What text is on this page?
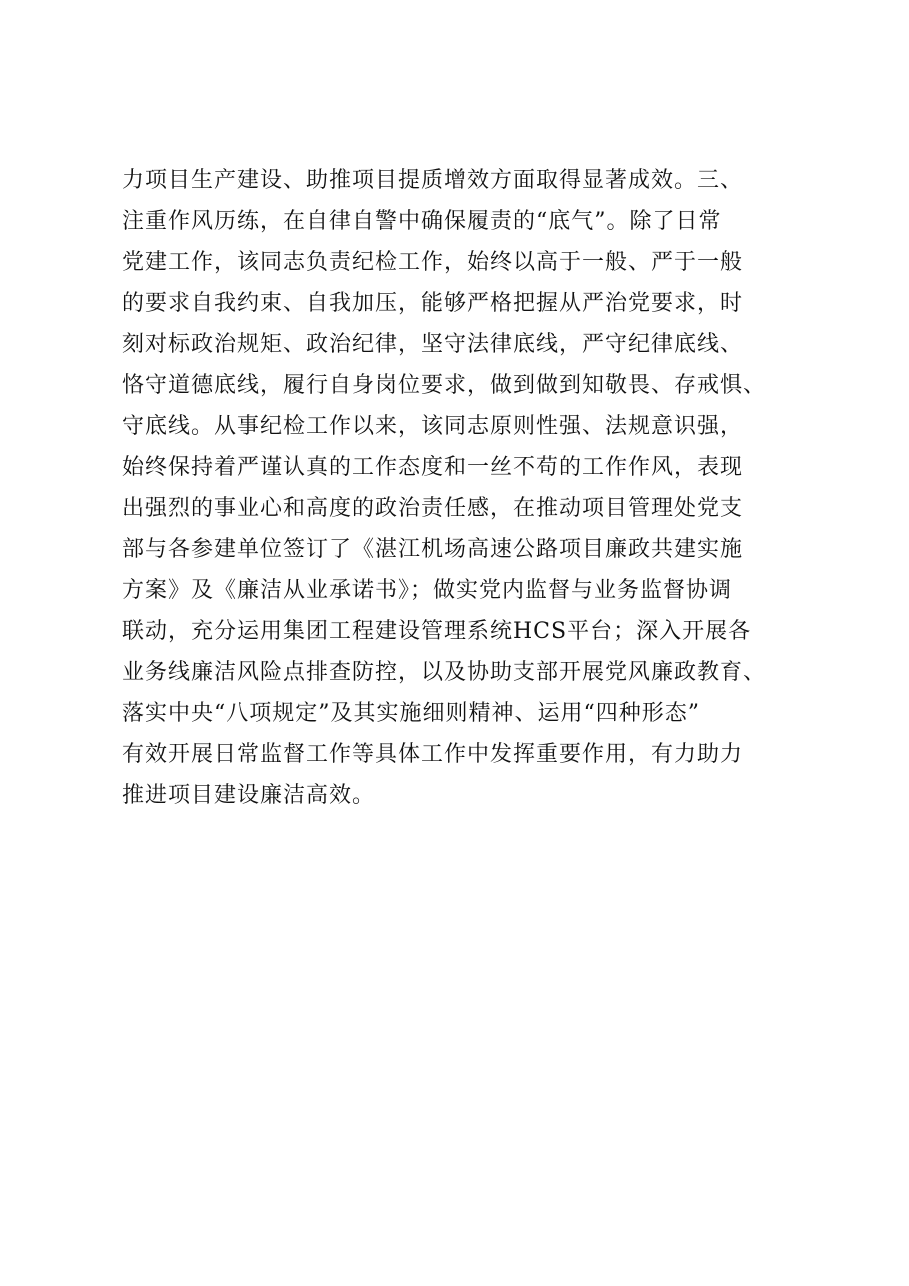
力项目生产建设、助推项目提质增效方面取得显著成效。三、
注重作风历练，在自律自警中确保履责的“底气”。除了日常
党建工作，该同志负责纪检工作，始终以高于一般、严于一般
的要求自我约束、自我加压，能够严格把握从严治党要求，时
刻对标政治规矩、政治纪律，坚守法律底线，严守纪律底线、
恪守道德底线，履行自身岗位要求，做到做到知敬畏、存戒惧、
守底线。从事纪检工作以来，该同志原则性强、法规意识强，
始终保持着严谨认真的工作态度和一丝不苟的工作作风，表现
出强烈的事业心和高度的政治责任感，在推动项目管理处党支
部与各参建单位签订了《湛江机场高速公路项目廉政共建实施
方案》及《廉洁从业承诺书》；做实党内监督与业务监督协调
联动，充分运用集团工程建设管理系统HCS平台；深入开展各
业务线廉洁风险点排查防控，以及协助支部开展党风廉政教育、
落实中央“八项规定”及其实施细则精神、运用“四种形态”
有效开展日常监督工作等具体工作中发挥重要作用，有力助力
推进项目建设廉洁高效。
